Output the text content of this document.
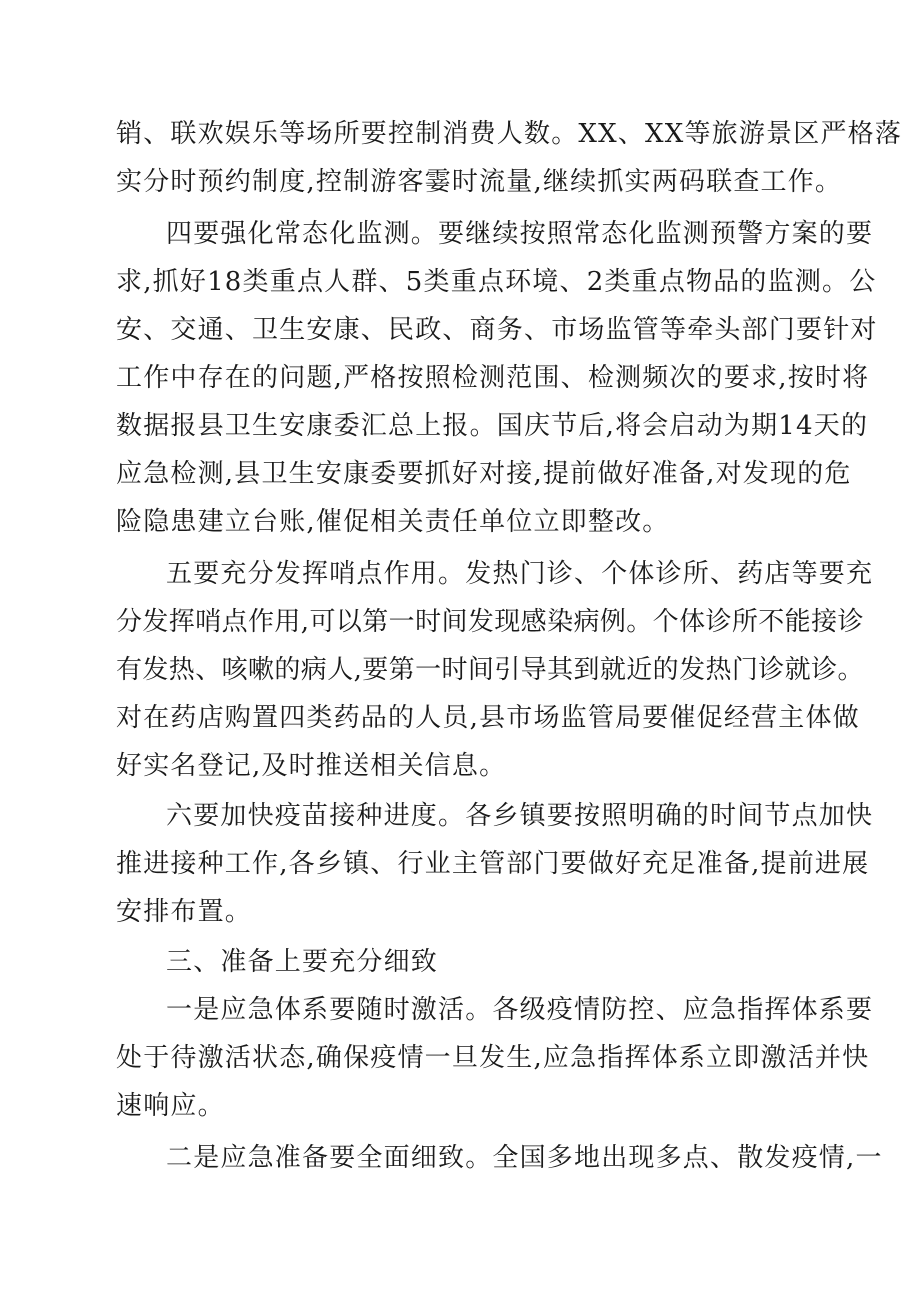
销、联欢娱乐等场所要控制消费人数。XX、XX等旅游景区严格落
实分时预约制度,控制游客霎时流量,继续抓实两码联查工作。
四要强化常态化监测。要继续按照常态化监测预警方案的要
求,抓好18类重点人群、5类重点环境、2类重点物品的监测。公
安、交通、卫生安康、民政、商务、市场监管等牵头部门要针对
工作中存在的问题,严格按照检测范围、检测频次的要求,按时将
数据报县卫生安康委汇总上报。国庆节后,将会启动为期14天的
应急检测,县卫生安康委要抓好对接,提前做好准备,对发现的危
险隐患建立台账,催促相关责任单位立即整改。
五要充分发挥哨点作用。发热门诊、个体诊所、药店等要充
分发挥哨点作用,可以第一时间发现感染病例。个体诊所不能接诊
有发热、咳嗽的病人,要第一时间引导其到就近的发热门诊就诊。
对在药店购置四类药品的人员,县市场监管局要催促经营主体做
好实名登记,及时推送相关信息。
六要加快疫苗接种进度。各乡镇要按照明确的时间节点加快
推进接种工作,各乡镇、行业主管部门要做好充足准备,提前进展
安排布置。
三、准备上要充分细致
一是应急体系要随时激活。各级疫情防控、应急指挥体系要
处于待激活状态,确保疫情一旦发生,应急指挥体系立即激活并快
速响应。
二是应急准备要全面细致。全国多地出现多点、散发疫情,一
